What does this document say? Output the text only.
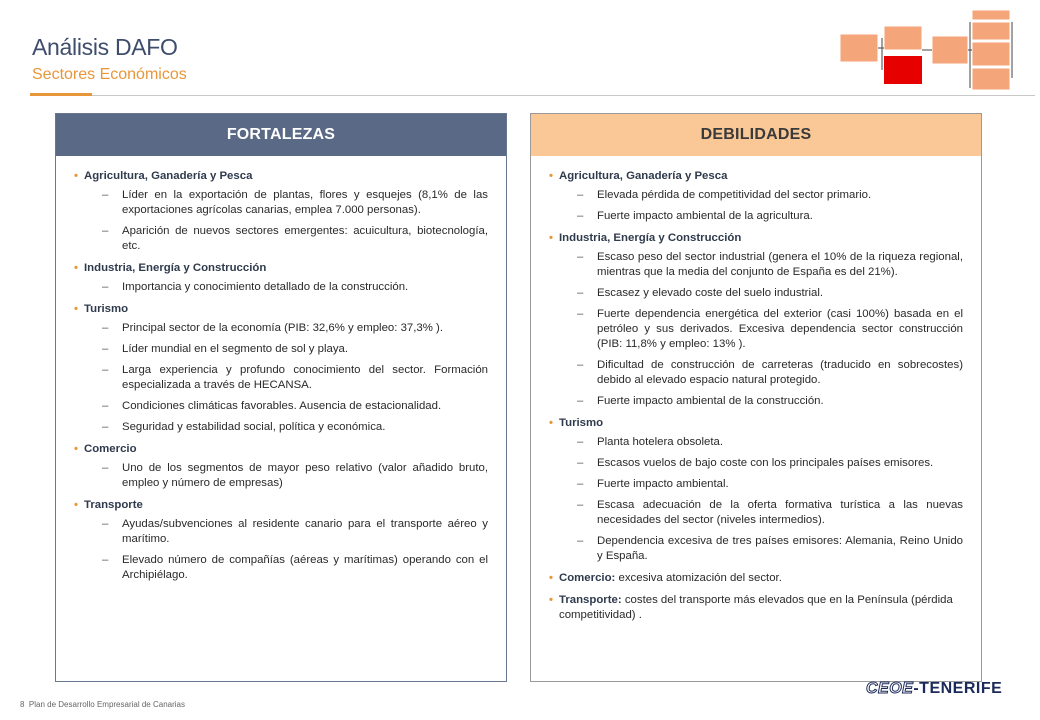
Análisis DAFO
Sectores Económicos
FORTALEZAS
• Agricultura, Ganadería y Pesca
– Líder en la exportación de plantas, flores y esquejes (8,1% de las exportaciones agrícolas canarias, emplea 7.000 personas).
– Aparición de nuevos sectores emergentes: acuicultura, biotecnología, etc.
• Industria, Energía y Construcción
– Importancia y conocimiento detallado de la construcción.
• Turismo
– Principal sector de la economía (PIB: 32,6% y empleo: 37,3% ).
– Líder mundial en el segmento de sol y playa.
– Larga experiencia y profundo conocimiento del sector. Formación especializada a través de HECANSA.
– Condiciones climáticas favorables. Ausencia de estacionalidad.
– Seguridad y estabilidad social, política y económica.
• Comercio
– Uno de los segmentos de mayor peso relativo (valor añadido bruto, empleo y número de empresas)
• Transporte
– Ayudas/subvenciones al residente canario para el transporte aéreo y marítimo.
– Elevado número de compañías (aéreas y marítimas) operando con el Archipiélago.
DEBILIDADES
• Agricultura, Ganadería y Pesca
– Elevada pérdida de competitividad del sector primario.
– Fuerte impacto ambiental de la agricultura.
• Industria, Energía y Construcción
– Escaso peso del sector industrial (genera el 10% de la riqueza regional, mientras que la media del conjunto de España es del 21%).
– Escasez y elevado coste del suelo industrial.
– Fuerte dependencia energética del exterior (casi 100%) basada en el petróleo y sus derivados. Excesiva dependencia sector construcción (PIB: 11,8% y empleo: 13% ).
– Dificultad de construcción de carreteras (traducido en sobrecostes) debido al elevado espacio natural protegido.
– Fuerte impacto ambiental de la construcción.
• Turismo
– Planta hotelera obsoleta.
– Escasos vuelos de bajo coste con los principales países emisores.
– Fuerte impacto ambiental.
– Escasa adecuación de la oferta formativa turística a las nuevas necesidades del sector (niveles intermedios).
– Dependencia excesiva de tres países emisores: Alemania, Reino Unido y España.
• Comercio: excesiva atomización del sector.
• Transporte: costes del transporte más elevados que en la Península (pérdida competitividad) .
8 Plan de Desarrollo Empresarial de Canarias
CEOE-TENERIFE
